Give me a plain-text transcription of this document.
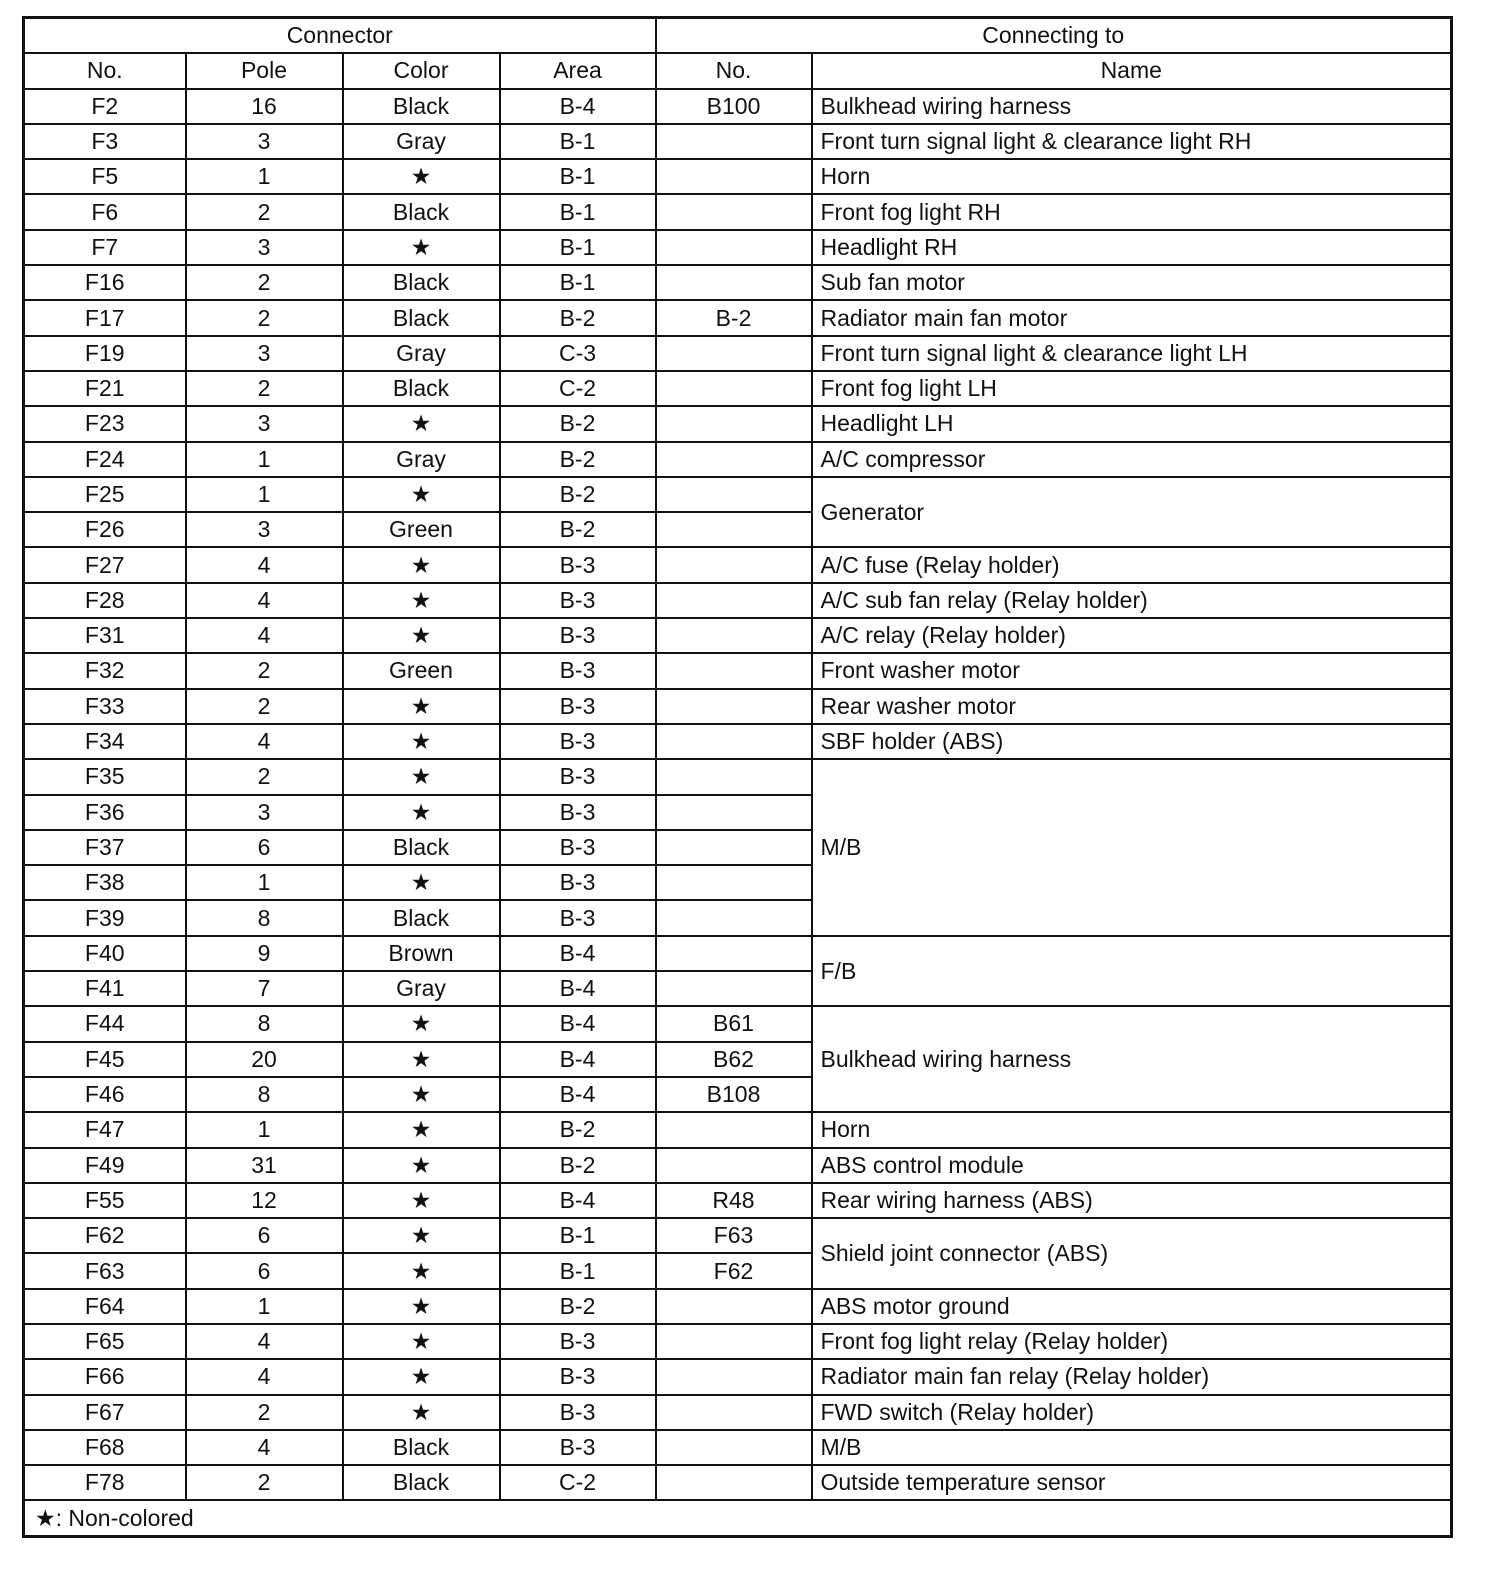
Connector				Connecting to	
No.	Pole	Color	Area	No.	Name
F2	16	Black	B-4	B100	Bulkhead wiring harness
F3	3	Gray	B-1		Front turn signal light & clearance light RH
F5	1	★	B-1		Horn
F6	2	Black	B-1		Front fog light RH
F7	3	★	B-1		Headlight RH
F16	2	Black	B-1		Sub fan motor
F17	2	Black	B-2	B-2	Radiator main fan motor
F19	3	Gray	C-3		Front turn signal light & clearance light LH
F21	2	Black	C-2		Front fog light LH
F23	3	★	B-2		Headlight LH
F24	1	Gray	B-2		A/C compressor
F25	1	★	B-2		Generator
F26	3	Green	B-2		
F27	4	★	B-3		A/C fuse (Relay holder)
F28	4	★	B-3		A/C sub fan relay (Relay holder)
F31	4	★	B-3		A/C relay (Relay holder)
F32	2	Green	B-3		Front washer motor
F33	2	★	B-3		Rear washer motor
F34	4	★	B-3		SBF holder (ABS)
F35	2	★	B-3		M/B
F36	3	★	B-3		
F37	6	Black	B-3		
F38	1	★	B-3		
F39	8	Black	B-3		
F40	9	Brown	B-4		F/B
F41	7	Gray	B-4		
F44	8	★	B-4	B61	Bulkhead wiring harness
F45	20	★	B-4	B62	
F46	8	★	B-4	B108	
F47	1	★	B-2		Horn
F49	31	★	B-2		ABS control module
F55	12	★	B-4	R48	Rear wiring harness (ABS)
F62	6	★	B-1	F63	Shield joint connector (ABS)
F63	6	★	B-1	F62	
F64	1	★	B-2		ABS motor ground
F65	4	★	B-3		Front fog light relay (Relay holder)
F66	4	★	B-3		Radiator main fan relay (Relay holder)
F67	2	★	B-3		FWD switch (Relay holder)
F68	4	Black	B-3		M/B
F78	2	Black	C-2		Outside temperature sensor
★: Non-colored					
